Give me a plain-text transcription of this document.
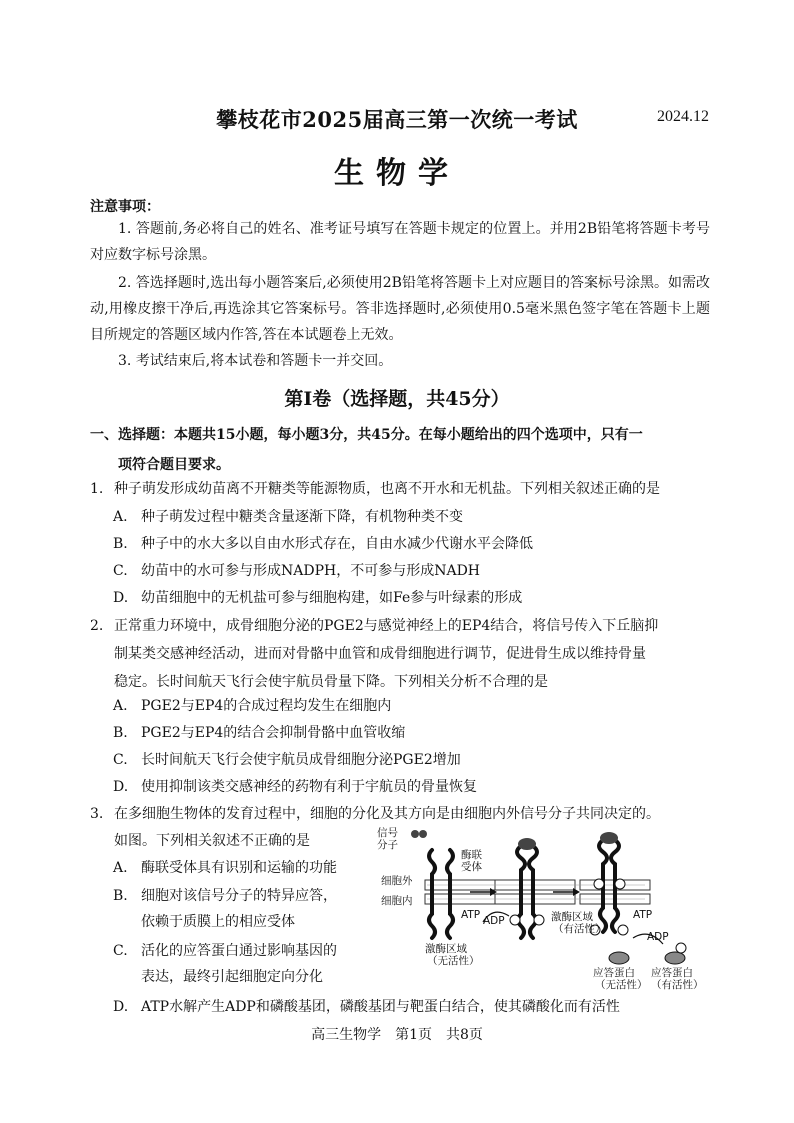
攀枝花市2025届高三第一次统一考试	2024.12
生物学
注意事项：
1. 答题前,务必将自己的姓名、准考证号填写在答题卡规定的位置上。并用2B铅笔将答题卡考号对应数字标号涂黑。
2. 答选择题时,选出每小题答案后,必须使用2B铅笔将答题卡上对应题目的答案标号涂黑。如需改动,用橡皮擦干净后,再选涂其它答案标号。答非选择题时,必须使用0.5毫米黑色签字笔在答题卡上题目所规定的答题区域内作答,答在本试题卷上无效。
3. 考试结束后,将本试卷和答题卡一并交回。
第Ⅰ卷（选择题，共45分）
一、选择题：本题共15小题，每小题3分，共45分。在每小题给出的四个选项中，只有一
项符合题目要求。
1. 种子萌发形成幼苗离不开糖类等能源物质，也离不开水和无机盐。下列相关叙述正确的是
A. 种子萌发过程中糖类含量逐渐下降，有机物种类不变
B. 种子中的水大多以自由水形式存在，自由水减少代谢水平会降低
C. 幼苗中的水可参与形成NADPH，不可参与形成NADH
D. 幼苗细胞中的无机盐可参与细胞构建，如Fe参与叶绿素的形成
2. 正常重力环境中，成骨细胞分泌的PGE2与感觉神经上的EP4结合，将信号传入下丘脑抑
制某类交感神经活动，进而对骨骼中血管和成骨细胞进行调节，促进骨生成以维持骨量
稳定。长时间航天飞行会使宇航员骨量下降。下列相关分析不合理的是
A. PGE2与EP4的合成过程均发生在细胞内
B. PGE2与EP4的结合会抑制骨骼中血管收缩
C. 长时间航天飞行会使宇航员成骨细胞分泌PGE2增加
D. 使用抑制该类交感神经的药物有利于宇航员的骨量恢复
3. 在多细胞生物体的发育过程中，细胞的分化及其方向是由细胞内外信号分子共同决定的。
如图。下列相关叙述不正确的是
A. 酶联受体具有识别和运输的功能
B. 细胞对该信号分子的特异应答，
依赖于质膜上的相应受体
C. 活化的应答蛋白通过影响基因的
表达，最终引起细胞定向分化
D. ATP水解产生ADP和磷酸基团，磷酸基团与靶蛋白结合，使其磷酸化而有活性
信号
分子
酶联
受体
细胞外
细胞内
ATP ADP
激酶区域
（无活性）
激酶区域
（有活性）
ATP
ADP
应答蛋白
（无活性）
应答蛋白
（有活性）
高三生物学　第1页　共8页
